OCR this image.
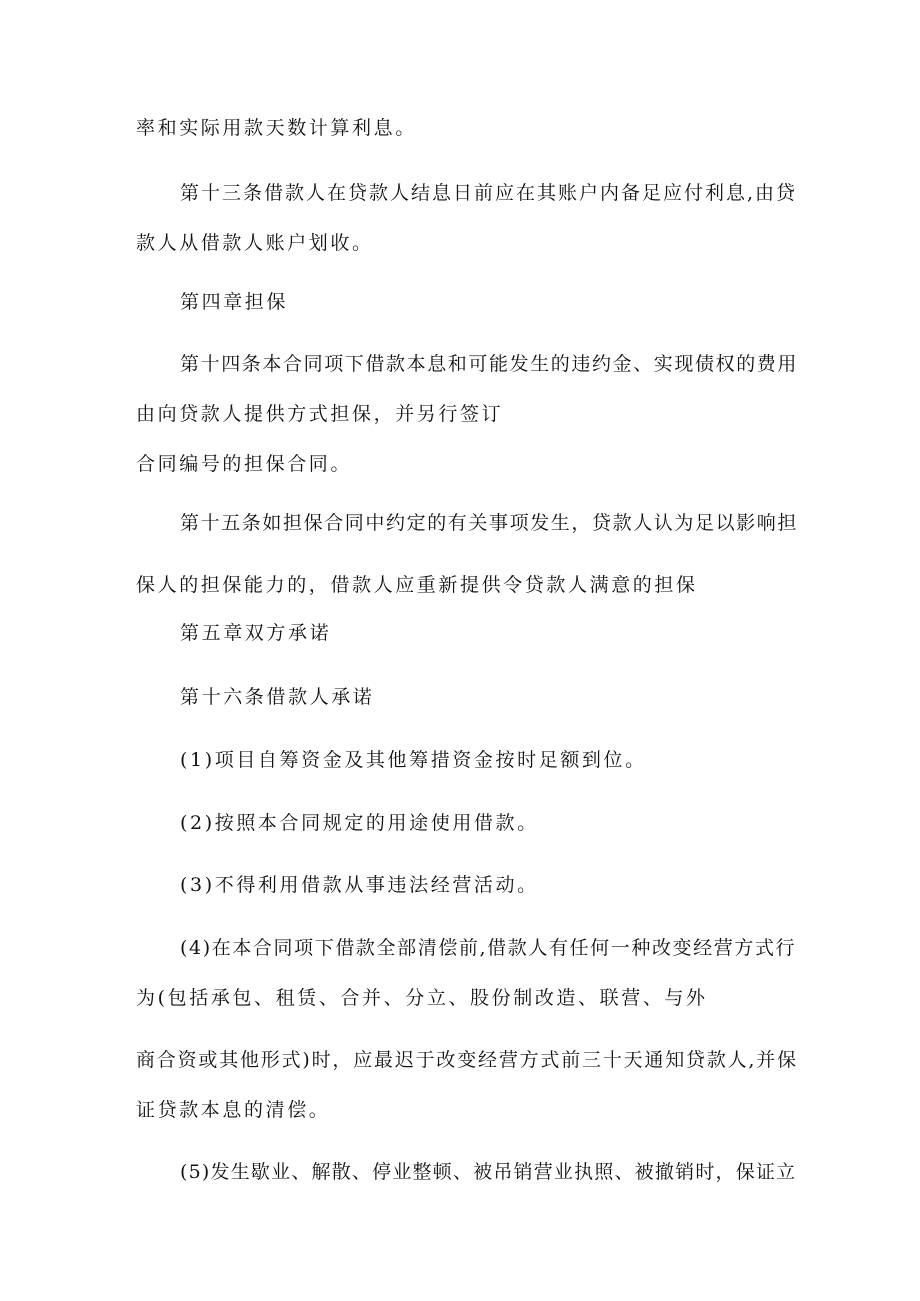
率和实际用款天数计算利息。

第十三条借款人在贷款人结息日前应在其账户内备足应付利息,由贷

款人从借款人账户划收。

第四章担保

第十四条本合同项下借款本息和可能发生的违约金、实现债权的费用

由向贷款人提供方式担保，并另行签订

合同编号的担保合同。

第十五条如担保合同中约定的有关事项发生，贷款人认为足以影响担

保人的担保能力的，借款人应重新提供令贷款人满意的担保

第五章双方承诺

第十六条借款人承诺

(1)项目自筹资金及其他筹措资金按时足额到位。

(2)按照本合同规定的用途使用借款。

(3)不得利用借款从事违法经营活动。

(4)在本合同项下借款全部清偿前,借款人有任何一种改变经营方式行

为(包括承包、租赁、合并、分立、股份制改造、联营、与外

商合资或其他形式)时，应最迟于改变经营方式前三十天通知贷款人,并保

证贷款本息的清偿。

(5)发生歇业、解散、停业整顿、被吊销营业执照、被撤销时，保证立
